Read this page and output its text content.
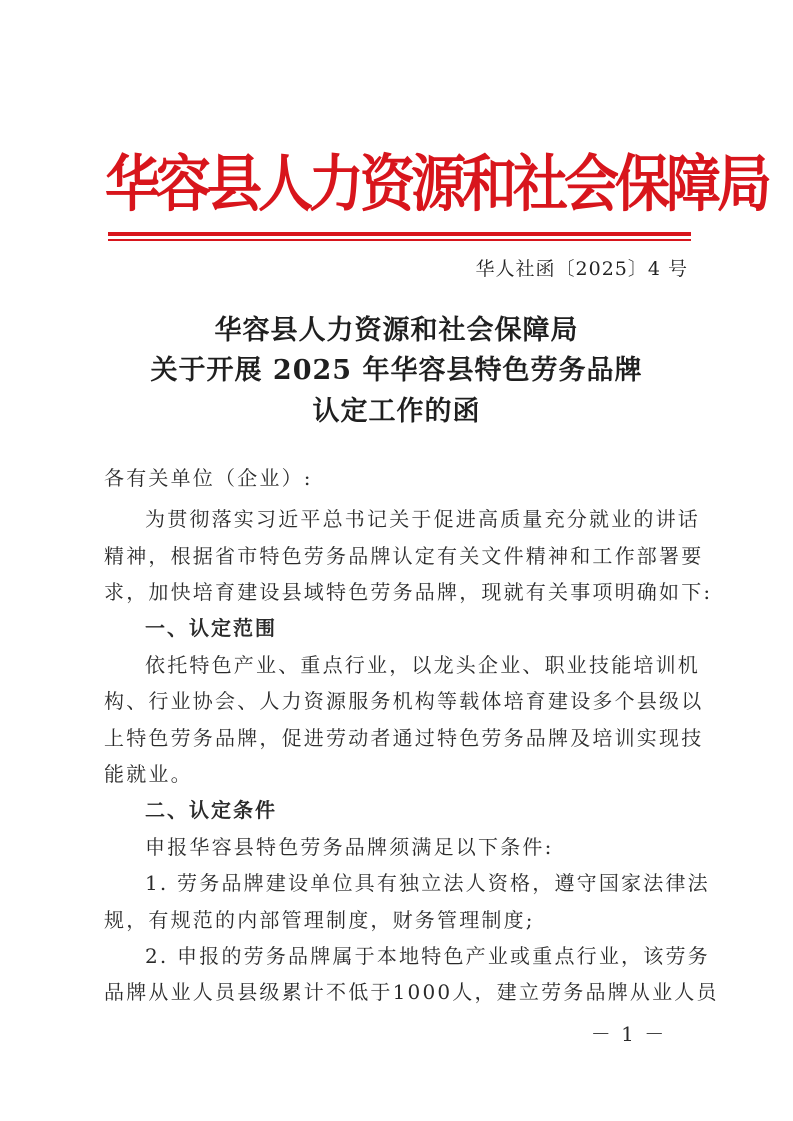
华容县人力资源和社会保障局
华人社函〔2025〕4 号
华容县人力资源和社会保障局
关于开展 2025 年华容县特色劳务品牌
认定工作的函
各有关单位（企业）:
为贯彻落实习近平总书记关于促进高质量充分就业的讲话
精神，根据省市特色劳务品牌认定有关文件精神和工作部署要
求，加快培育建设县域特色劳务品牌，现就有关事项明确如下:
一、认定范围
依托特色产业、重点行业，以龙头企业、职业技能培训机
构、行业协会、人力资源服务机构等载体培育建设多个县级以
上特色劳务品牌，促进劳动者通过特色劳务品牌及培训实现技
能就业。
二、认定条件
申报华容县特色劳务品牌须满足以下条件:
1. 劳务品牌建设单位具有独立法人资格，遵守国家法律法
规，有规范的内部管理制度，财务管理制度;
2. 申报的劳务品牌属于本地特色产业或重点行业，该劳务
品牌从业人员县级累计不低于1000人，建立劳务品牌从业人员
－ 1 －
